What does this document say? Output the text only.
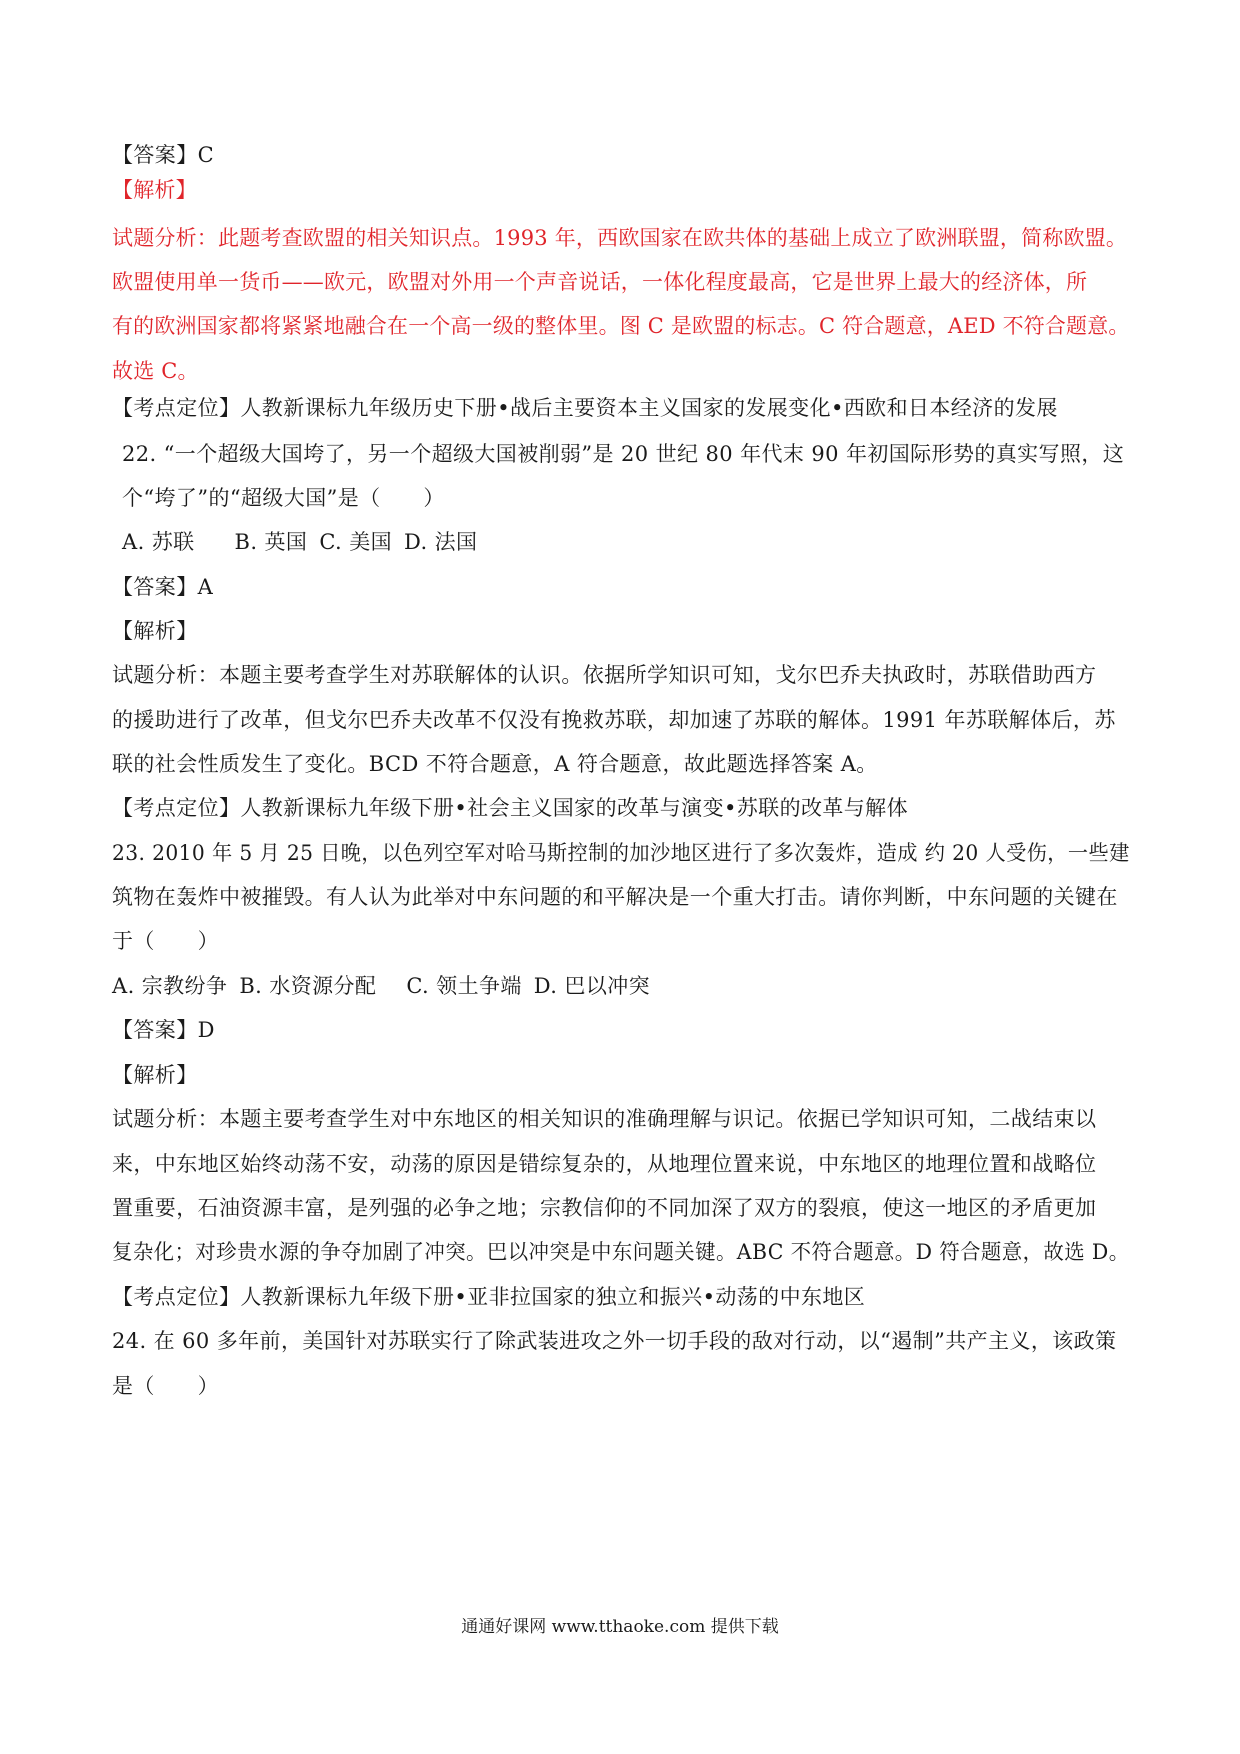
【答案】C
【解析】
试题分析：此题考查欧盟的相关知识点。1993 年，西欧国家在欧共体的基础上成立了欧洲联盟，简称欧盟。
欧盟使用单一货币——欧元，欧盟对外用一个声音说话，一体化程度最高，它是世界上最大的经济体，所
有的欧洲国家都将紧紧地融合在一个高一级的整体里。图 C 是欧盟的标志。C 符合题意，AED 不符合题意。
故选 C。
【考点定位】人教新课标九年级历史下册•战后主要资本主义国家的发展变化•西欧和日本经济的发展
22. “一个超级大国垮了，另一个超级大国被削弱”是 20 世纪 80 年代末 90 年初国际形势的真实写照，这
个“垮了”的“超级大国”是（　　）
A. 苏联 B. 英国 C. 美国 D. 法国
【答案】A
【解析】
试题分析：本题主要考查学生对苏联解体的认识。依据所学知识可知，戈尔巴乔夫执政时，苏联借助西方
的援助进行了改革，但戈尔巴乔夫改革不仅没有挽救苏联，却加速了苏联的解体。1991 年苏联解体后，苏
联的社会性质发生了变化。BCD 不符合题意，A 符合题意，故此题选择答案 A。
【考点定位】人教新课标九年级下册•社会主义国家的改革与演变•苏联的改革与解体
23. 2010 年 5 月 25 日晚，以色列空军对哈马斯控制的加沙地区进行了多次轰炸，造成 约 20 人受伤，一些建
筑物在轰炸中被摧毁。有人认为此举对中东问题的和平解决是一个重大打击。请你判断，中东问题的关键在
于（　　）
A. 宗教纷争 B. 水资源分配 C. 领土争端 D. 巴以冲突
【答案】D
【解析】
试题分析：本题主要考查学生对中东地区的相关知识的准确理解与识记。依据已学知识可知，二战结束以
来，中东地区始终动荡不安，动荡的原因是错综复杂的，从地理位置来说，中东地区的地理位置和战略位
置重要，石油资源丰富，是列强的必争之地；宗教信仰的不同加深了双方的裂痕，使这一地区的矛盾更加
复杂化；对珍贵水源的争夺加剧了冲突。巴以冲突是中东问题关键。ABC 不符合题意。D 符合题意，故选 D。
【考点定位】人教新课标九年级下册•亚非拉国家的独立和振兴•动荡的中东地区
24. 在 60 多年前，美国针对苏联实行了除武装进攻之外一切手段的敌对行动，以“遏制”共产主义，该政策
是（　　）
通通好课网 www.tthaoke.com 提供下载
